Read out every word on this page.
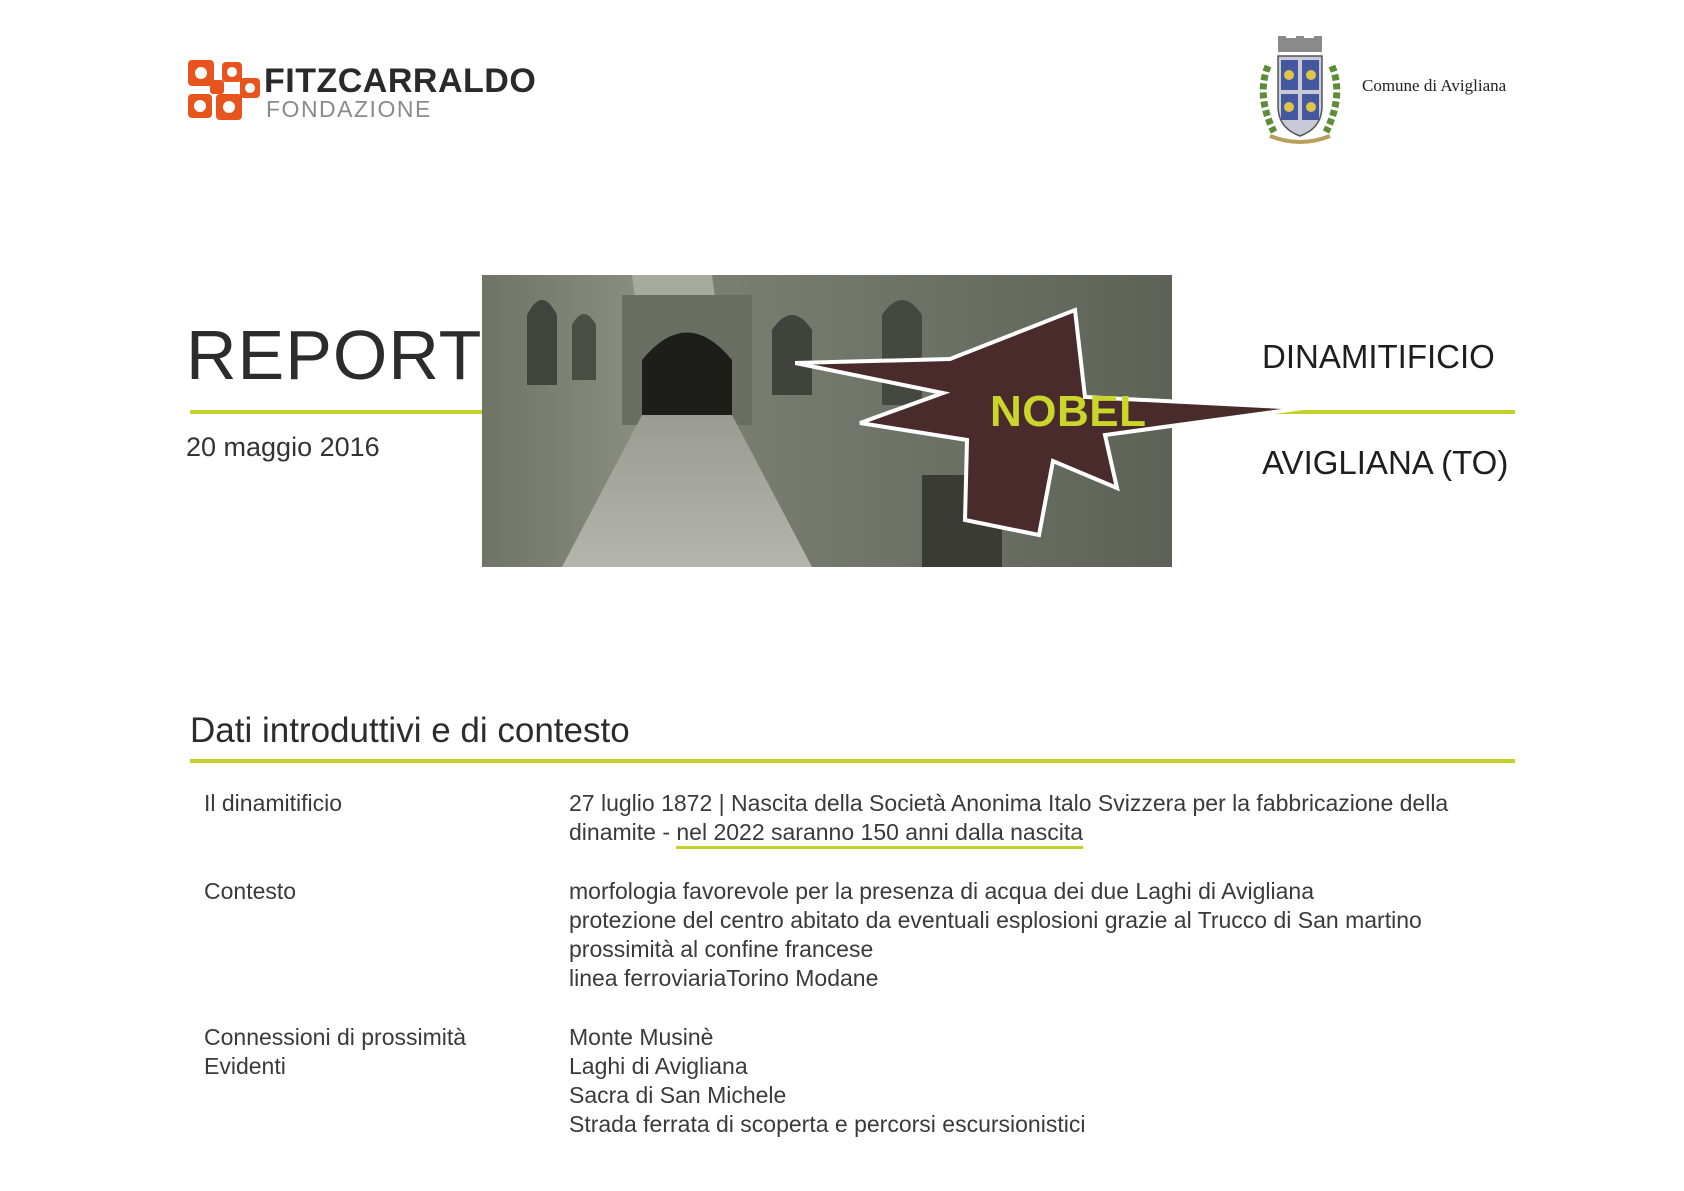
FITZCARRALDO
FONDAZIONE
Comune di Avigliana
REPORT
20 maggio 2016
NOBEL
DINAMITIFICIO
AVIGLIANA (TO)
Dati introduttivi e di contesto
Il dinamitificio	27 luglio 1872 | Nascita della Società Anonima Italo Svizzera per la fabbricazione della
dinamite - nel 2022 saranno 150 anni dalla nascita
Contesto	morfologia favorevole per la presenza di acqua dei due Laghi di Avigliana
protezione del centro abitato da eventuali esplosioni grazie al Trucco di San martino
prossimità al confine francese
linea ferroviariaTorino Modane
Connessioni di prossimità
Evidenti
Monte Musinè
Laghi di Avigliana
Sacra di San Michele
Strada ferrata di scoperta e percorsi escursionistici
